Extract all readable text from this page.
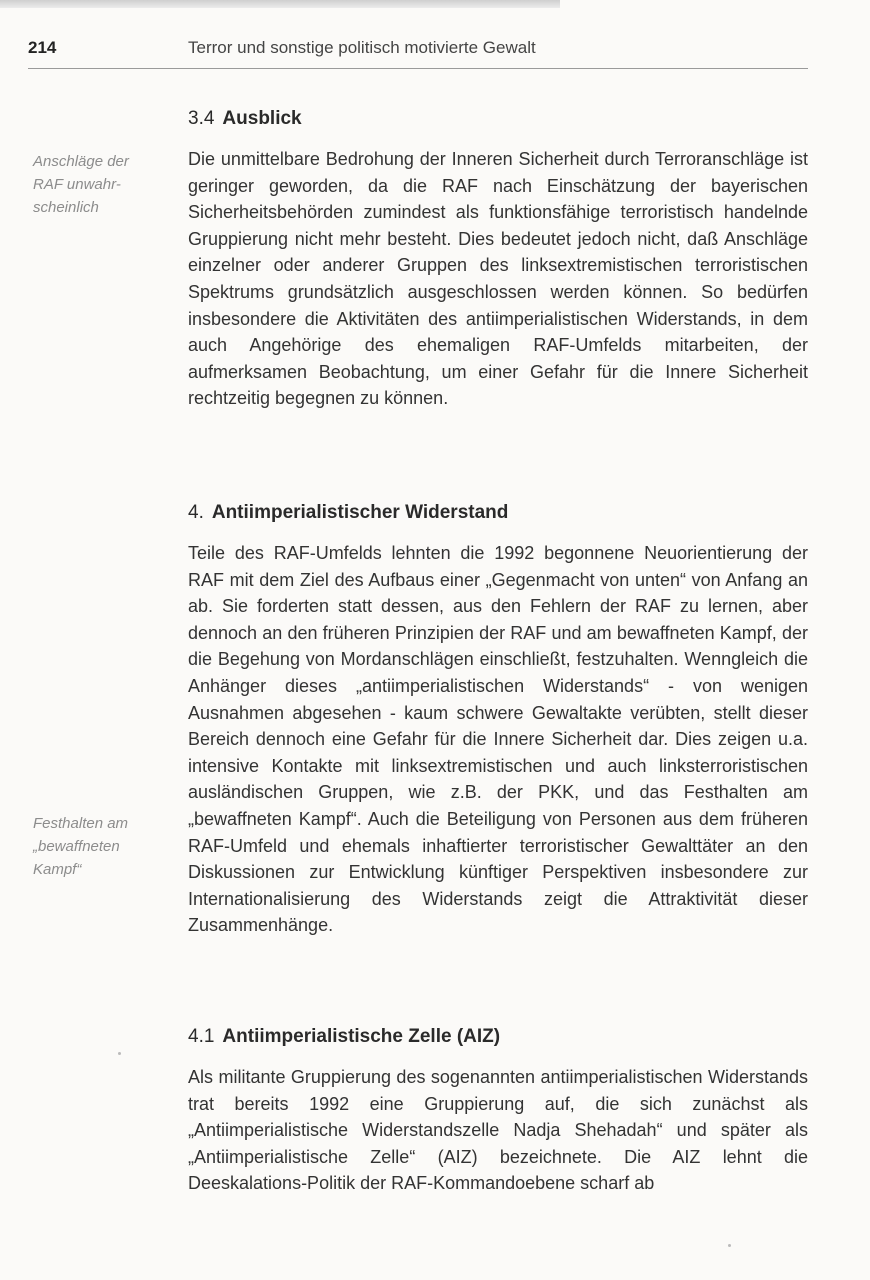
214	Terror und sonstige politisch motivierte Gewalt
3.4 Ausblick
Anschläge der
RAF unwahr-
scheinlich

Die unmittelbare Bedrohung der Inneren Sicherheit durch Terroranschläge ist geringer geworden, da die RAF nach Einschätzung der bayerischen Sicherheitsbehörden zumindest als funktionsfähige terroristisch handelnde Gruppierung nicht mehr besteht. Dies bedeutet jedoch nicht, daß Anschläge einzelner oder anderer Gruppen des linksextremistischen terroristischen Spektrums grundsätzlich ausgeschlossen werden können. So bedürfen insbesondere die Aktivitäten des antiimperialistischen Widerstands, in dem auch Angehörige des ehemaligen RAF-Umfelds mitarbeiten, der aufmerksamen Beobachtung, um einer Gefahr für die Innere Sicherheit rechtzeitig begegnen zu können.

4. Antiimperialistischer Widerstand

Teile des RAF-Umfelds lehnten die 1992 begonnene Neuorientierung der RAF mit dem Ziel des Aufbaus einer „Gegenmacht von unten“ von Anfang an ab. Sie forderten statt dessen, aus den Fehlern der RAF zu lernen, aber dennoch an den früheren Prinzipien der RAF und am bewaffneten Kampf, der die Begehung von Mordanschlägen einschließt, festzuhalten. Wenngleich die Anhänger dieses „antiimperialistischen Widerstands“ - von wenigen Ausnahmen abgesehen - kaum schwere Gewaltakte verübten, stellt dieser Bereich dennoch eine Gefahr für die Innere Sicherheit dar. Dies zeigen u.a. intensive Kontakte mit linksextremistischen und auch linksterroristischen ausländischen Gruppen, wie z.B. der PKK, und das Festhalten am „bewaffneten Kampf“. Auch die Beteiligung von Personen aus dem früheren RAF-Umfeld und ehemals inhaftierter terroristischer Gewalttäter an den Diskussionen zur Entwicklung künftiger Perspektiven insbesondere zur Internationalisierung des Widerstands zeigt die Attraktivität dieser Zusammenhänge.

Festhalten am
„bewaffneten
Kampf“
4.1 Antiimperialistische Zelle (AIZ)

Als militante Gruppierung des sogenannten antiimperialistischen Widerstands trat bereits 1992 eine Gruppierung auf, die sich zunächst als „Antiimperialistische Widerstandszelle Nadja Shehadah“ und später als „Antiimperialistische Zelle“ (AIZ) bezeichnete. Die AIZ lehnt die Deeskalations-Politik der RAF-Kommandoebene scharf ab
